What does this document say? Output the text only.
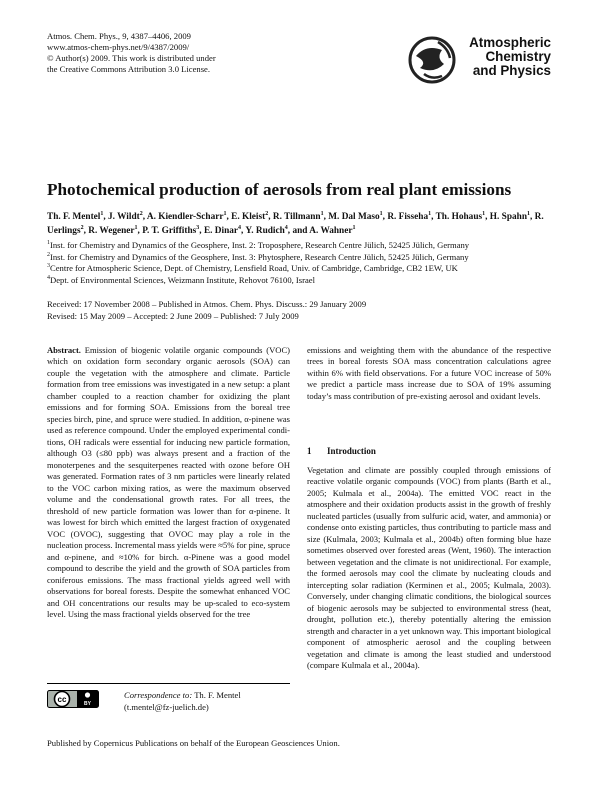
Atmos. Chem. Phys., 9, 4387–4406, 2009
www.atmos-chem-phys.net/9/4387/2009/
© Author(s) 2009. This work is distributed under
the Creative Commons Attribution 3.0 License.
Atmospheric
Chemistry
and Physics
Photochemical production of aerosols from real plant emissions
Th. F. Mentel$^1$, J. Wildt$^2$, A. Kiendler-Scharr$^1$, E. Kleist$^2$, R. Tillmann$^1$, M. Dal Maso$^1$, R. Fisseha$^1$, Th. Hohaus$^1$, H. Spahn$^1$, R. Uerlings$^2$, R. Wegener$^1$, P. T. Griffiths$^3$, E. Dinar$^4$, Y. Rudich$^4$, and A. Wahner$^1$
$^1$Inst. for Chemistry and Dynamics of the Geosphere, Inst. 2: Troposphere, Research Centre Jülich, 52425 Jülich, Germany
$^2$Inst. for Chemistry and Dynamics of the Geosphere, Inst. 3: Phytosphere, Research Centre Jülich, 52425 Jülich, Germany
$^3$Centre for Atmospheric Science, Dept. of Chemistry, Lensfield Road, Univ. of Cambridge, Cambridge, CB2 1EW, UK
$^4$Dept. of Environmental Sciences, Weizmann Institute, Rehovot 76100, Israel
Received: 17 November 2008 – Published in Atmos. Chem. Phys. Discuss.: 29 January 2009
Revised: 15 May 2009 – Accepted: 2 June 2009 – Published: 7 July 2009

Abstract. Emission of biogenic volatile organic compounds (VOC) which on oxidation form secondary organic aerosols (SOA) can couple the vegetation with the atmosphere and climate. Particle formation from tree emissions was investigated in a new setup: a plant chamber coupled to a reaction chamber for oxidizing the plant emissions and for forming SOA. Emissions from the boreal tree species birch, pine, and spruce were studied. In addition, α-pinene was used as reference compound. Under the employed experimental conditions, OH radicals were essential for inducing new particle formation, although O3 (≤80 ppb) was always present and a fraction of the monoterpenes and the sesquiterpenes reacted with ozone before OH was generated. Formation rates of 3 nm particles were linearly related to the VOC carbon mixing ratios, as were the maximum observed volume and the condensational growth rates. For all trees, the threshold of new particle formation was lower than for α-pinene. It was lowest for birch which emitted the largest fraction of oxygenated VOC (OVOC), suggesting that OVOC may play a role in the nucleation process. Incremental mass yields were ≈5% for pine, spruce and α-pinene, and ≈10% for birch. α-Pinene was a good model compound to describe the yield and the growth of SOA particles from coniferous emissions. The mass fractional yields agreed well with observations for boreal forests. Despite the somewhat enhanced VOC and OH concentrations our results may be up-scaled to eco-system level. Using the mass fractional yields observed for the tree

emissions and weighting them with the abundance of the respective trees in boreal forests SOA mass concentration calculations agree within 6% with field observations. For a future VOC increase of 50% we predict a particle mass increase due to SOA of 19% assuming today’s mass contribution of pre-existing aerosol and oxidant levels.

1 Introduction

Vegetation and climate are possibly coupled through emissions of reactive volatile organic compounds (VOC) from plants (Barth et al., 2005; Kulmala et al., 2004a). The emitted VOC react in the atmosphere and their oxidation products assist in the growth of freshly nucleated particles (usually from sulfuric acid, water, and ammonia) or condense onto existing particles, thus contributing to particle mass and size (Kulmala, 2003; Kulmala et al., 2004b) often forming blue haze sometimes observed over forested areas (Went, 1960). The interaction between vegetation and the climate is not unidirectional. For example, the formed aerosols may cool the climate by nucleating clouds and intercepting solar radiation (Kerminen et al., 2005; Kulmala, 2003). Conversely, under changing climatic conditions, the biological sources of biogenic aerosols may be subjected to environmental stress (heat, drought, pollution etc.), thereby potentially altering the emission strength and character in a yet unknown way. This important biological component of atmospheric aerosol and the coupling between vegetation and climate is among the least studied and understood (compare Kulmala et al., 2004a).

cc
BY
Correspondence to: Th. F. Mentel
(t.mentel@fz-juelich.de)
Published by Copernicus Publications on behalf of the European Geosciences Union.
